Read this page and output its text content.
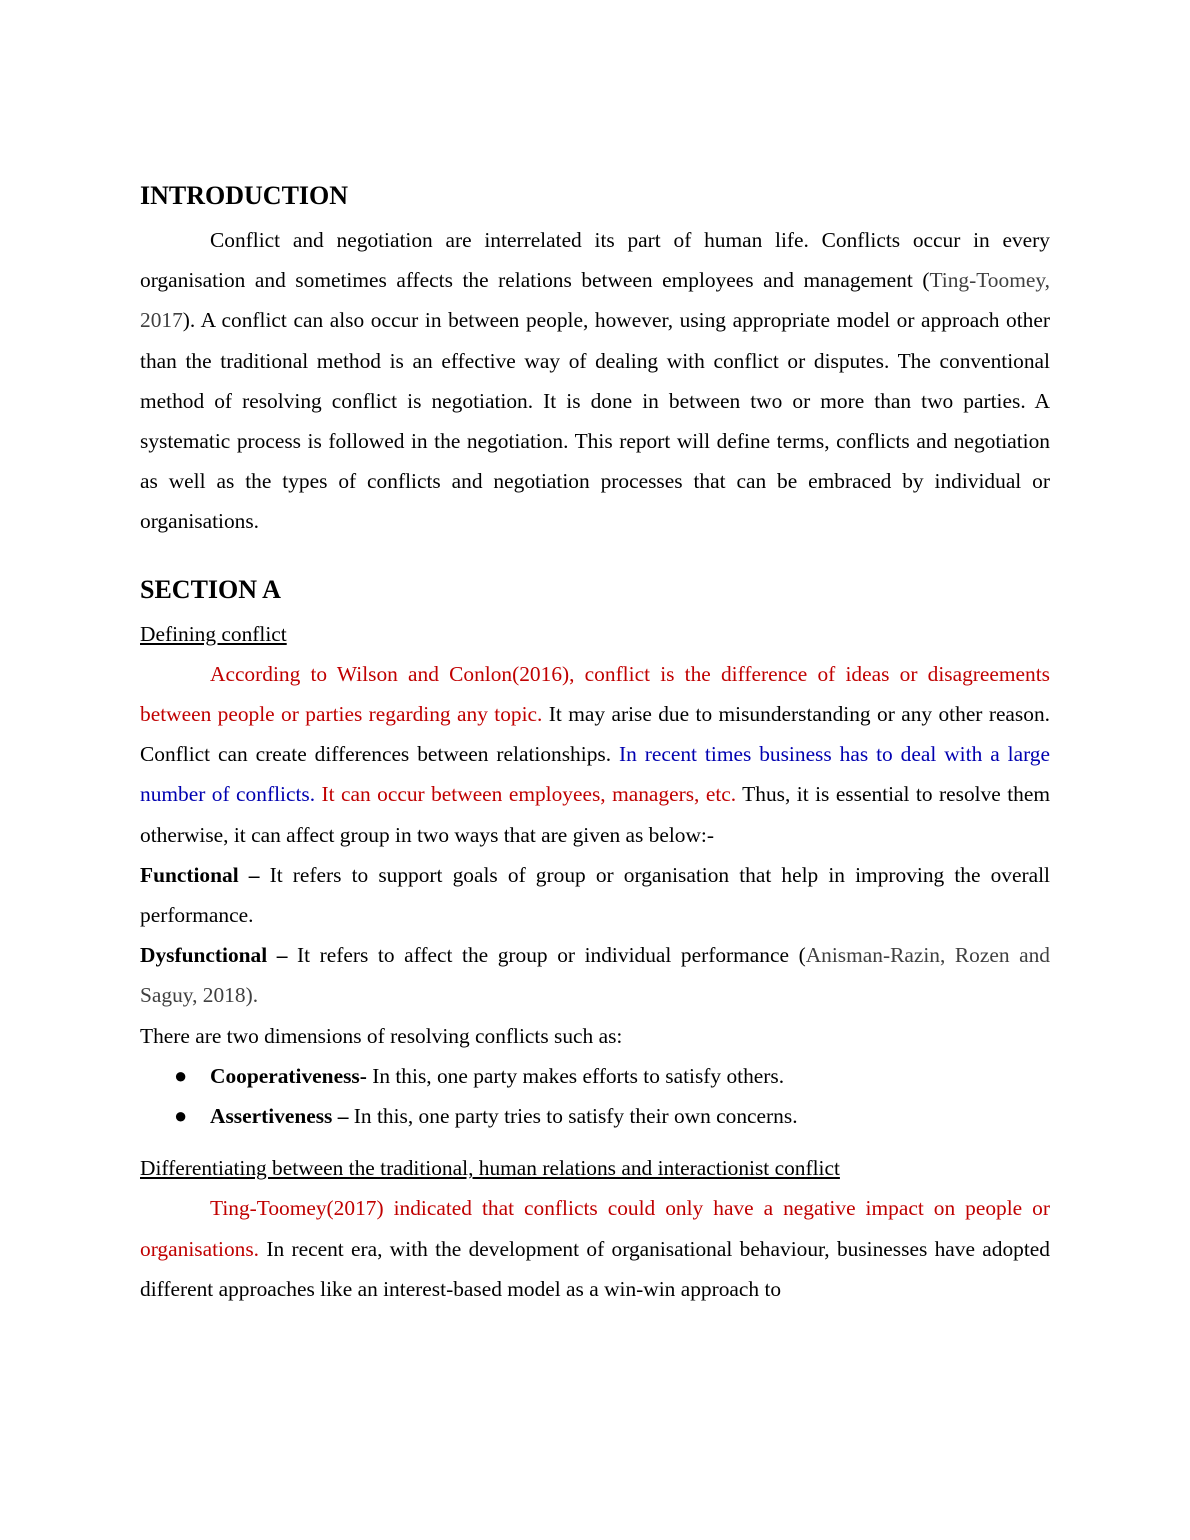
INTRODUCTION

Conflict and negotiation are interrelated its part of human life. Conflicts occur in every organisation and sometimes affects the relations between employees and management (Ting-Toomey, 2017). A conflict can also occur in between people, however, using appropriate model or approach other than the traditional method is an effective way of dealing with conflict or disputes. The conventional method of resolving conflict is negotiation. It is done in between two or more than two parties. A systematic process is followed in the negotiation. This report will define terms, conflicts and negotiation as well as the types of conflicts and negotiation processes that can be embraced by individual or organisations.

SECTION A
Defining conflict

According to Wilson and Conlon(2016), conflict is the difference of ideas or disagreements between people or parties regarding any topic. It may arise due to misunderstanding or any other reason. Conflict can create differences between relationships. In recent times business has to deal with a large number of conflicts. It can occur between employees, managers, etc. Thus, it is essential to resolve them otherwise, it can affect group in two ways that are given as below:-

Functional – It refers to support goals of group or organisation that help in improving the overall performance.

Dysfunctional – It refers to affect the group or individual performance (Anisman-Razin, Rozen and Saguy, 2018).

There are two dimensions of resolving conflicts such as:

● Cooperativeness- In this, one party makes efforts to satisfy others.
● Assertiveness – In this, one party tries to satisfy their own concerns.
Differentiating between the traditional, human relations and interactionist conflict

Ting-Toomey(2017) indicated that conflicts could only have a negative impact on people or organisations. In recent era, with the development of organisational behaviour, businesses have adopted different approaches like an interest-based model as a win-win approach to
